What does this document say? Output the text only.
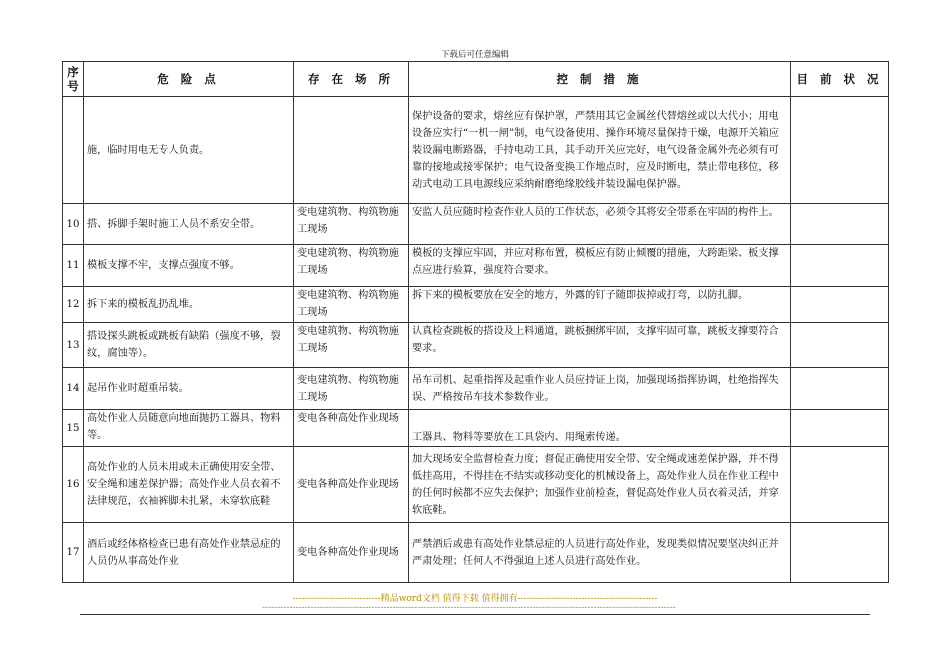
下载后可任意编辑
序号	危 险 点	存 在 场 所	控 制 措 施	目 前 状 况
	施，临时用电无专人负责。		保护设备的要求，熔丝应有保护罩，严禁用其它金属丝代替熔丝或以大代小；用电设备应实行“一机一闸”制，电气设备使用、操作环境尽量保持干燥，电源开关箱应装设漏电断路器，手持电动工具，其手动开关应完好，电气设备金属外壳必须有可靠的接地或接零保护；电气设备变换工作地点时，应及时断电，禁止带电移位，移动式电动工具电源线应采纳耐磨绝缘胶线并装设漏电保护器。	
10	搭、拆脚手架时施工人员不系安全带。	变电建筑物、构筑物施工现场	安监人员应随时检查作业人员的工作状态，必须令其将安全带系在牢固的构件上。	
11	模板支撑不牢，支撑点强度不够。	变电建筑物、构筑物施工现场	模板的支撑应牢固，并应对称布置，模板应有防止倾覆的措施，大跨距梁、板支撑点应进行验算，强度符合要求。	
12	拆下来的模板乱扔乱堆。	变电建筑物、构筑物施工现场	拆下来的模板要放在安全的地方，外露的钉子随即拔掉或打弯，以防扎脚。	
13	搭设探头跳板或跳板有缺陷（强度不够，裂纹，腐蚀等）。	变电建筑物、构筑物施工现场	认真检查跳板的搭设及上料通道，跳板捆绑牢固，支撑牢固可靠，跳板支撑要符合要求。	
14	起吊作业时超重吊装。	变电建筑物、构筑物施工现场	吊车司机、起重指挥及起重作业人员应持证上岗，加强现场指挥协调，杜绝指挥失误、严格按吊车技术参数作业。	
15	高处作业人员随意向地面抛扔工器具、物料等。	变电各种高处作业现场	工器具、物料等要放在工具袋内、用绳索传递。	
16	高处作业的人员未用或未正确使用安全带、安全绳和速差保护器；高处作业人员衣着不法律规范，衣袖裤脚未扎紧，未穿软底鞋	变电各种高处作业现场	加大现场安全监督检查力度；督促正确使用安全带、安全绳或速差保护器，并不得低挂高用，不得挂在不结实或移动变化的机械设备上，高处作业人员在作业工程中的任何时候都不应失去保护；加强作业前检查，督促高处作业人员衣着灵活，并穿软底鞋。	
17	酒后或经体格检查已患有高处作业禁忌症的人员仍从事高处作业	变电各种高处作业现场	严禁酒后或患有高处作业禁忌症的人员进行高处作业，发现类似情况要坚决纠正并严肃处理；任何人不得强迫上述人员进行高处作业。	
-----------------------------精品word文档 值得下载 值得拥有----------------------------------------------
----------------------------------------------------------------------------------------------------------------------------------------
